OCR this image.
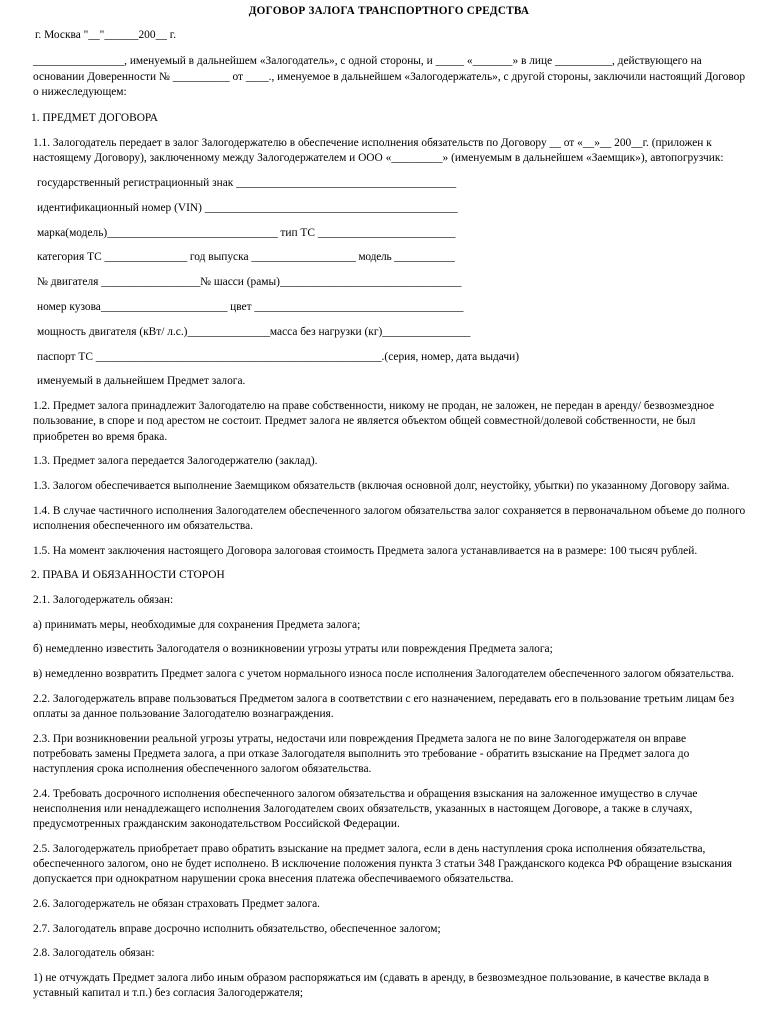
ДОГОВОР ЗАЛОГА ТРАНСПОРТНОГО СРЕДСТВА

г. Москва "__"______200__ г.

________________, именуемый в дальнейшем «Залогодатель», с одной стороны, и _____ «_______» в лице __________, действующего на основании Доверенности № __________ от ____., именуемое в дальнейшем «Залогодержатель», с другой стороны, заключили настоящий Договор о нижеследующем:

1. ПРЕДМЕТ ДОГОВОРА

1.1. Залогодатель передает в залог Залогодержателю в обеспечение исполнения обязательств по Договору __ от «__»__ 200__г. (приложен к настоящему Договору), заключенному между Залогодержателем и ООО «_________» (именуемым в дальнейшем «Заемщик»), автопогрузчик:

государственный регистрационный знак ________________________________________
идентификационный номер (VIN) ______________________________________________
марка(модель)_______________________________ тип ТС _________________________
категория ТС _______________ год выпуска ___________________ модель ___________
№ двигателя __________________№ шасси (рамы)_________________________________
номер кузова_______________________ цвет ______________________________________
мощность двигателя (кВт/ л.с.)_______________масса без нагрузки (кг)________________
паспорт ТС ____________________________________________________.(серия, номер, дата выдачи)

именуемый в дальнейшем Предмет залога.

1.2. Предмет залога принадлежит Залогодателю на праве собственности, никому не продан, не заложен, не передан в аренду/ безвозмездное пользование, в споре и под арестом не состоит. Предмет залога не является объектом общей совместной/долевой собственности, не был приобретен во время брака.

1.3. Предмет залога передается Залогодержателю (заклад).

1.3. Залогом обеспечивается выполнение Заемщиком обязательств (включая основной долг, неустойку, убытки) по указанному Договору займа.

1.4. В случае частичного исполнения Залогодателем обеспеченного залогом обязательства залог сохраняется в первоначальном объеме до полного исполнения обеспеченного им обязательства.

1.5. На момент заключения настоящего Договора залоговая стоимость Предмета залога устанавливается на в размере: 100 тысяч рублей.

2. ПРАВА И ОБЯЗАННОСТИ СТОРОН

2.1. Залогодержатель обязан:

а) принимать меры, необходимые для сохранения Предмета залога;

б) немедленно известить Залогодателя о возникновении угрозы утраты или повреждения Предмета залога;

в) немедленно возвратить Предмет залога с учетом нормального износа после исполнения Залогодателем обеспеченного залогом обязательства.

2.2. Залогодержатель вправе пользоваться Предметом залога в соответствии с его назначением, передавать его в пользование третьим лицам без оплаты за данное пользование Залогодателю вознаграждения.

2.3. При возникновении реальной угрозы утраты, недостачи или повреждения Предмета залога не по вине Залогодержателя он вправе потребовать замены Предмета залога, а при отказе Залогодателя выполнить это требование - обратить взыскание на Предмет залога до наступления срока исполнения обеспеченного залогом обязательства.

2.4. Требовать досрочного исполнения обеспеченного залогом обязательства и обращения взыскания на заложенное имущество в случае неисполнения или ненадлежащего исполнения Залогодателем своих обязательств, указанных в настоящем Договоре, а также в случаях, предусмотренных гражданским законодательством Российской Федерации.

2.5. Залогодержатель приобретает право обратить взыскание на предмет залога, если в день наступления срока исполнения обязательства, обеспеченного залогом, оно не будет исполнено. В исключение положения пункта 3 статьи 348 Гражданского кодекса РФ обращение взыскания допускается при однократном нарушении срока внесения платежа обеспечиваемого обязательства.

2.6. Залогодержатель не обязан страховать Предмет залога.

2.7. Залогодатель вправе досрочно исполнить обязательство, обеспеченное залогом;

2.8. Залогодатель обязан:

1) не отчуждать Предмет залога либо иным образом распоряжаться им (сдавать в аренду, в безвозмездное пользование, в качестве вклада в уставный капитал и т.п.) без согласия Залогодержателя;
